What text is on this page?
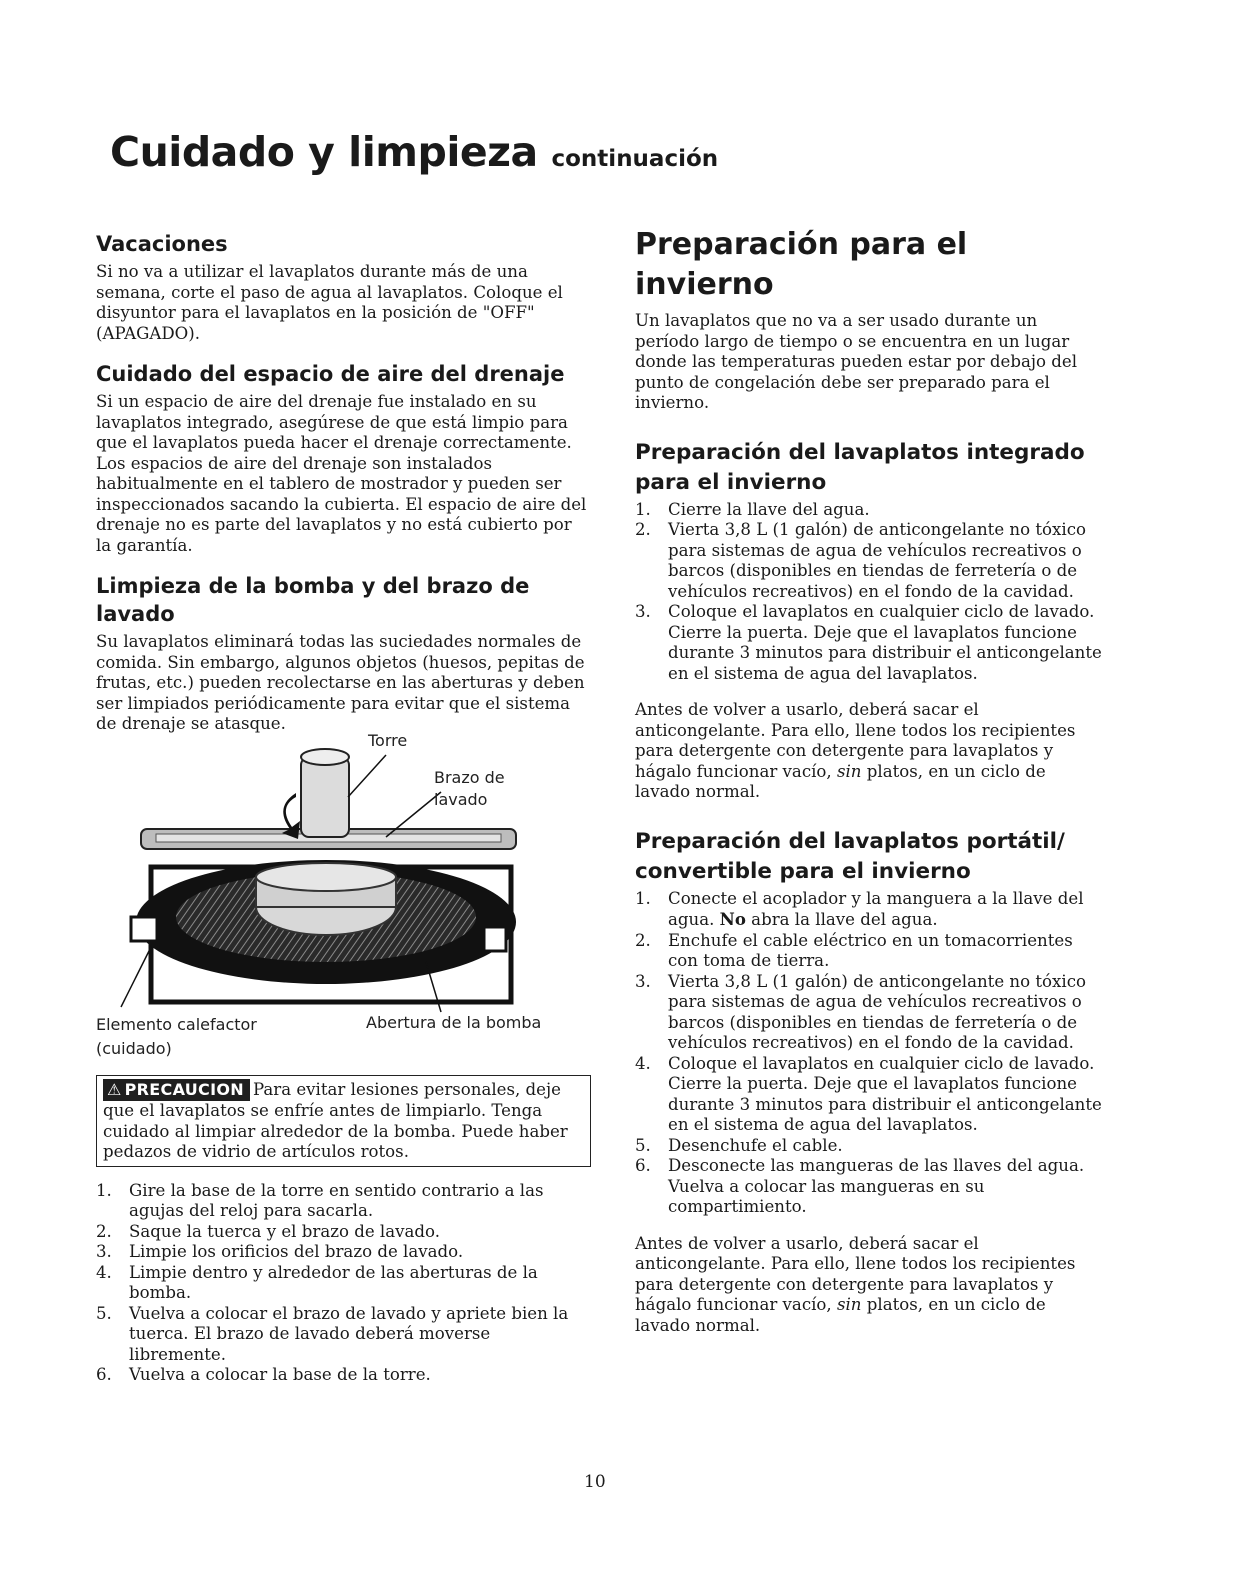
Cuidado y limpieza continuación
Vacaciones

Si no va a utilizar el lavaplatos durante más de una semana, corte el paso de agua al lavaplatos. Coloque el disyuntor para el lavaplatos en la posición de "OFF" (APAGADO).

Cuidado del espacio de aire del drenaje

Si un espacio de aire del drenaje fue instalado en su lavaplatos integrado, asegúrese de que está limpio para que el lavaplatos pueda hacer el drenaje correctamente. Los espacios de aire del drenaje son instalados habitualmente en el tablero de mostrador y pueden ser inspeccionados sacando la cubierta. El espacio de aire del drenaje no es parte del lavaplatos y no está cubierto por la garantía.

Limpieza de la bomba y del brazo de lavado

Su lavaplatos eliminará todas las suciedades normales de comida. Sin embargo, algunos objetos (huesos, pepitas de frutas, etc.) pueden recolectarse en las aberturas y deben ser limpiados periódicamente para evitar que el sistema de drenaje se atasque.

Torre
Brazo de lavado
Elemento calefactor (cuidado)
Abertura de la bomba
⚠ PRECAUCION Para evitar lesiones personales, deje que el lavaplatos se enfríe antes de limpiarlo. Tenga cuidado al limpiar alrededor de la bomba. Puede haber pedazos de vidrio de artículos rotos.
1. Gire la base de la torre en sentido contrario a las agujas del reloj para sacarla.
2. Saque la tuerca y el brazo de lavado.
3. Limpie los orificios del brazo de lavado.
4. Limpie dentro y alrededor de las aberturas de la bomba.
5. Vuelva a colocar el brazo de lavado y apriete bien la tuerca. El brazo de lavado deberá moverse libremente.
6. Vuelva a colocar la base de la torre.
Preparación para el invierno

Un lavaplatos que no va a ser usado durante un período largo de tiempo o se encuentra en un lugar donde las temperaturas pueden estar por debajo del punto de congelación debe ser preparado para el invierno.

Preparación del lavaplatos integrado para el invierno
1. Cierre la llave del agua.
2. Vierta 3,8 L (1 galón) de anticongelante no tóxico para sistemas de agua de vehículos recreativos o barcos (disponibles en tiendas de ferretería o de vehículos recreativos) en el fondo de la cavidad.
3. Coloque el lavaplatos en cualquier ciclo de lavado. Cierre la puerta. Deje que el lavaplatos funcione durante 3 minutos para distribuir el anticongelante en el sistema de agua del lavaplatos.

Antes de volver a usarlo, deberá sacar el anticongelante. Para ello, llene todos los recipientes para detergente con detergente para lavaplatos y hágalo funcionar vacío, sin platos, en un ciclo de lavado normal.

Preparación del lavaplatos portátil/ convertible para el invierno
1. Conecte el acoplador y la manguera a la llave del agua. No abra la llave del agua.
2. Enchufe el cable eléctrico en un tomacorrientes con toma de tierra.
3. Vierta 3,8 L (1 galón) de anticongelante no tóxico para sistemas de agua de vehículos recreativos o barcos (disponibles en tiendas de ferretería o de vehículos recreativos) en el fondo de la cavidad.
4. Coloque el lavaplatos en cualquier ciclo de lavado. Cierre la puerta. Deje que el lavaplatos funcione durante 3 minutos para distribuir el anticongelante en el sistema de agua del lavaplatos.
5. Desenchufe el cable.
6. Desconecte las mangueras de las llaves del agua. Vuelva a colocar las mangueras en su compartimiento.

Antes de volver a usarlo, deberá sacar el anticongelante. Para ello, llene todos los recipientes para detergente con detergente para lavaplatos y hágalo funcionar vacío, sin platos, en un ciclo de lavado normal.

10
